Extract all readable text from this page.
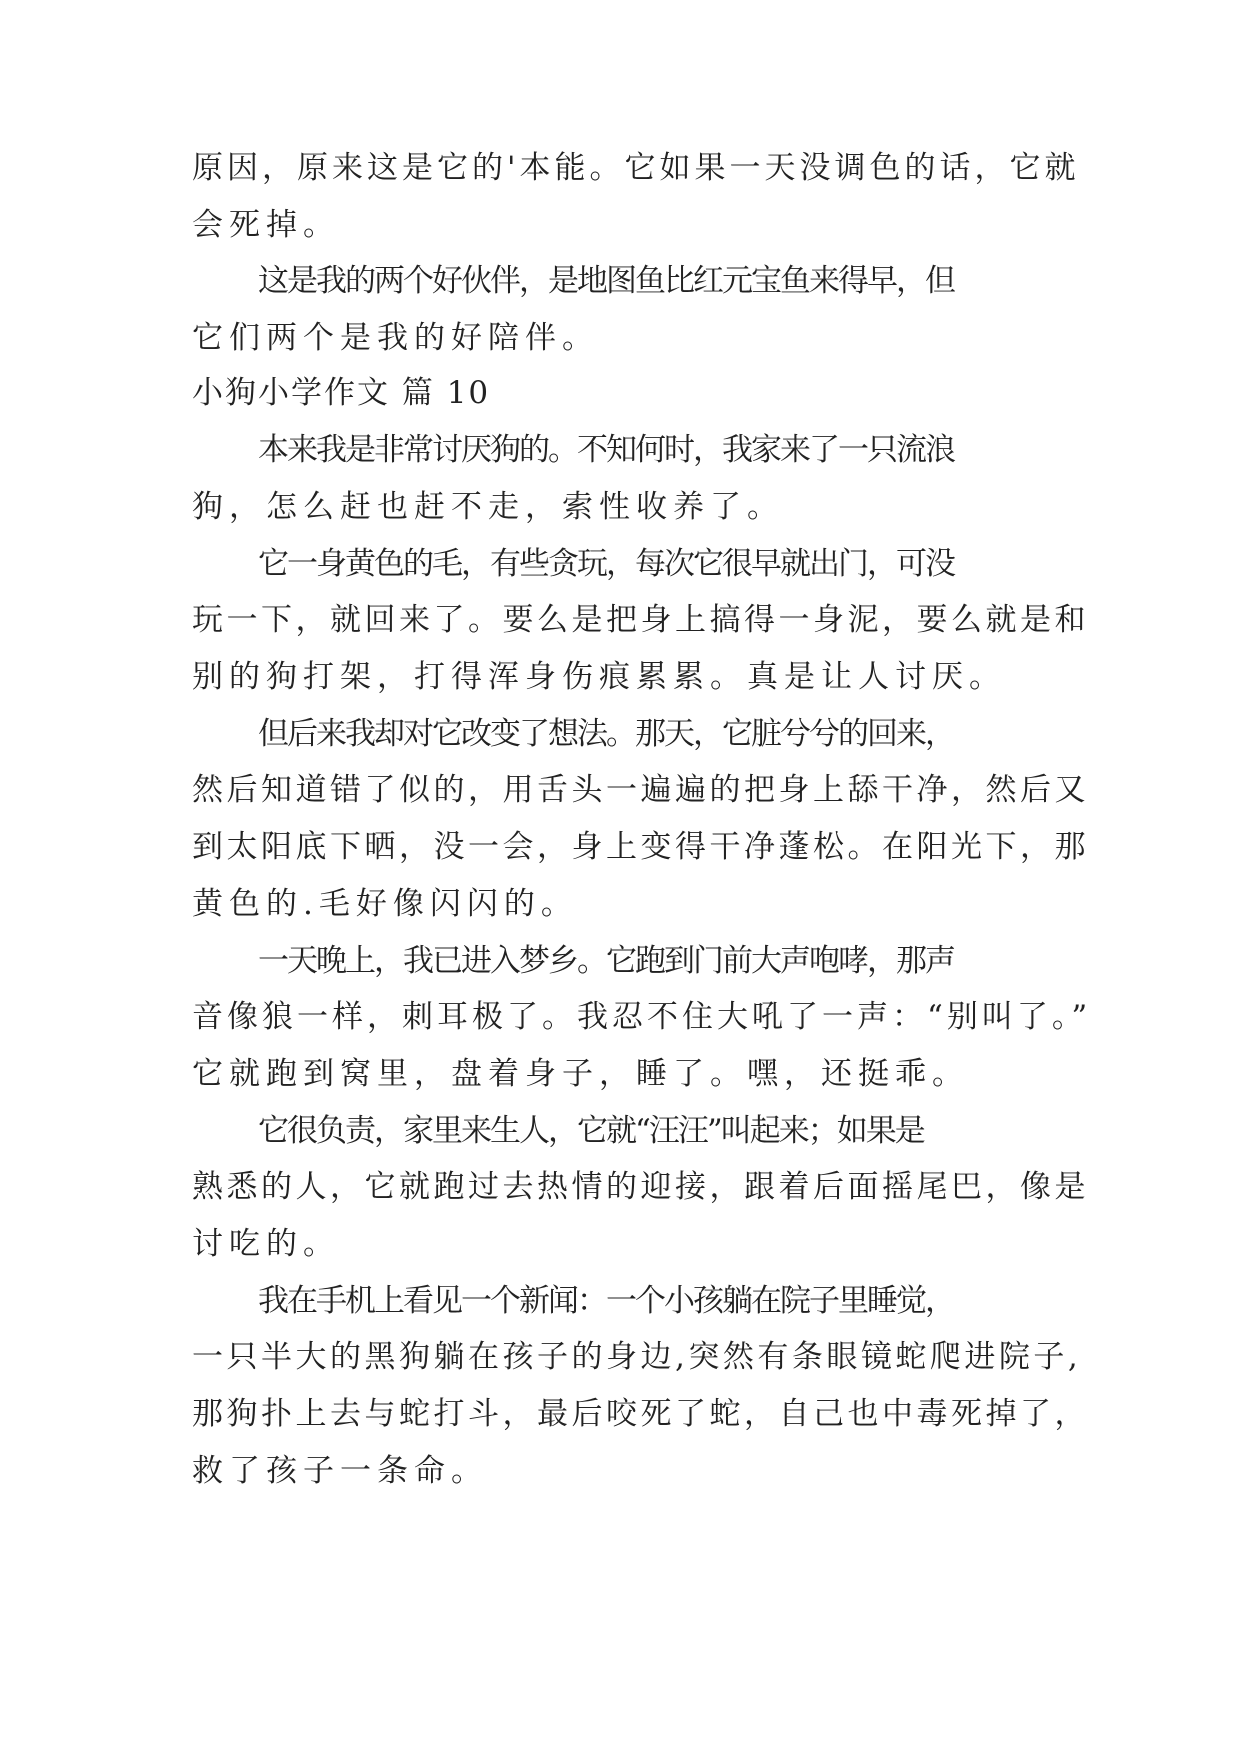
原因，原来这是它的'本能。它如果一天没调色的话，它就
会死掉。
这是我的两个好伙伴，是地图鱼比红元宝鱼来得早，但
它们两个是我的好陪伴。
小狗小学作文 篇 10
本来我是非常讨厌狗的。不知何时，我家来了一只流浪
狗，怎么赶也赶不走，索性收养了。
它一身黄色的毛，有些贪玩，每次它很早就出门，可没
玩一下，就回来了。要么是把身上搞得一身泥，要么就是和
别的狗打架，打得浑身伤痕累累。真是让人讨厌。
但后来我却对它改变了想法。那天，它脏兮兮的回来，
然后知道错了似的，用舌头一遍遍的把身上舔干净，然后又
到太阳底下晒，没一会，身上变得干净蓬松。在阳光下，那
黄色的.毛好像闪闪的。
一天晚上，我已进入梦乡。它跑到门前大声咆哮，那声
音像狼一样，刺耳极了。我忍不住大吼了一声：“别叫了。”
它就跑到窝里，盘着身子，睡了。嘿，还挺乖。
它很负责，家里来生人，它就“汪汪”叫起来；如果是
熟悉的人，它就跑过去热情的迎接，跟着后面摇尾巴，像是
讨吃的。
我在手机上看见一个新闻：一个小孩躺在院子里睡觉，
一只半大的黑狗躺在孩子的身边,突然有条眼镜蛇爬进院子,
那狗扑上去与蛇打斗，最后咬死了蛇，自己也中毒死掉了，
救了孩子一条命。
